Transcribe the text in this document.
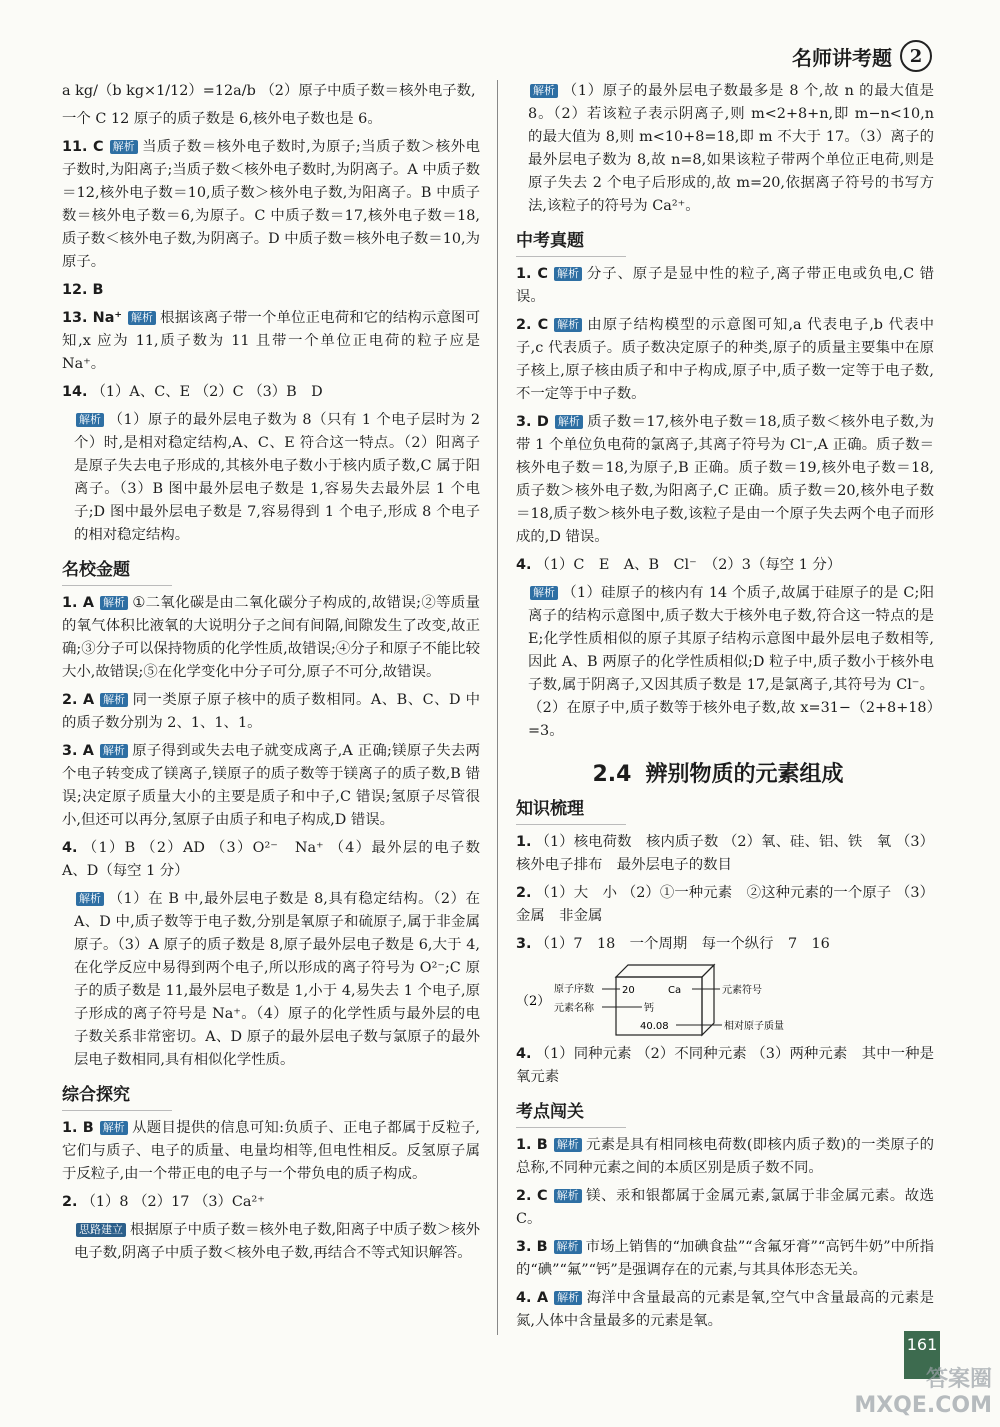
名师讲考题 2
a kg/（b kg×1/12）=12a/b （2）原子中质子数＝核外电子数,
一个 C 12 原子的质子数是 6,核外电子数也是 6。
11. C 解析 当质子数＝核外电子数时,为原子;当质子数＞核外电子数时,为阳离子;当质子数＜核外电子数时,为阴离子。A 中质子数＝12,核外电子数＝10,质子数＞核外电子数,为阳离子。B 中质子数＝核外电子数＝6,为原子。C 中质子数＝17,核外电子数＝18,质子数＜核外电子数,为阴离子。D 中质子数＝核外电子数＝10,为原子。
12. B
13. Na⁺ 解析 根据该离子带一个单位正电荷和它的结构示意图可知,x 应为 11,质子数为 11 且带一个单位正电荷的粒子应是 Na⁺。
14. （1）A、C、E （2）C （3）B　D
解析 （1）原子的最外层电子数为 8（只有 1 个电子层时为 2 个）时,是相对稳定结构,A、C、E 符合这一特点。（2）阳离子是原子失去电子形成的,其核外电子数小于核内质子数,C 属于阳离子。（3）B 图中最外层电子数是 1,容易失去最外层 1 个电子;D 图中最外层电子数是 7,容易得到 1 个电子,形成 8 个电子的相对稳定结构。
名校金题
1. A 解析 ①二氧化碳是由二氧化碳分子构成的,故错误;②等质量的氧气体积比液氧的大说明分子之间有间隔,间隙发生了改变,故正确;③分子可以保持物质的化学性质,故错误;④分子和原子不能比较大小,故错误;⑤在化学变化中分子可分,原子不可分,故错误。
2. A 解析 同一类原子原子核中的质子数相同。A、B、C、D 中的质子数分别为 2、1、1、1。
3. A 解析 原子得到或失去电子就变成离子,A 正确;镁原子失去两个电子转变成了镁离子,镁原子的质子数等于镁离子的质子数,B 错误;决定原子质量大小的主要是质子和中子,C 错误;氢原子尽管很小,但还可以再分,氢原子由质子和电子构成,D 错误。
4. （1）B （2）AD （3）O²⁻　Na⁺ （4）最外层的电子数　A、D（每空 1 分）
解析 （1）在 B 中,最外层电子数是 8,具有稳定结构。（2）在 A、D 中,质子数等于电子数,分别是氧原子和硫原子,属于非金属原子。（3）A 原子的质子数是 8,原子最外层电子数是 6,大于 4,在化学反应中易得到两个电子,所以形成的离子符号为 O²⁻;C 原子的质子数是 11,最外层电子数是 1,小于 4,易失去 1 个电子,原子形成的离子符号是 Na⁺。（4）原子的化学性质与最外层的电子数关系非常密切。A、D 原子的最外层电子数与氯原子的最外层电子数相同,具有相似化学性质。
综合探究
1. B 解析 从题目提供的信息可知:负质子、正电子都属于反粒子,它们与质子、电子的质量、电量均相等,但电性相反。反氢原子属于反粒子,由一个带正电的电子与一个带负电的质子构成。
2. （1）8 （2）17 （3）Ca²⁺
思路建立 根据原子中质子数＝核外电子数,阳离子中质子数＞核外电子数,阴离子中质子数＜核外电子数,再结合不等式知识解答。
解析 （1）原子的最外层电子数最多是 8 个,故 n 的最大值是 8。（2）若该粒子表示阴离子,则 m<2+8+n,即 m−n<10,n 的最大值为 8,则 m<10+8=18,即 m 不大于 17。（3）离子的最外层电子数为 8,故 n=8,如果该粒子带两个单位正电荷,则是原子失去 2 个电子后形成的,故 m=20,依据离子符号的书写方法,该粒子的符号为 Ca²⁺。
中考真题
1. C 解析 分子、原子是显中性的粒子,离子带正电或负电,C 错误。
2. C 解析 由原子结构模型的示意图可知,a 代表电子,b 代表中子,c 代表质子。质子数决定原子的种类,原子的质量主要集中在原子核上,原子核由质子和中子构成,原子中,质子数一定等于电子数,不一定等于中子数。
3. D 解析 质子数＝17,核外电子数＝18,质子数＜核外电子数,为带 1 个单位负电荷的氯离子,其离子符号为 Cl⁻,A 正确。质子数＝核外电子数＝18,为原子,B 正确。质子数＝19,核外电子数＝18,质子数＞核外电子数,为阳离子,C 正确。质子数＝20,核外电子数＝18,质子数＞核外电子数,该粒子是由一个原子失去两个电子而形成的,D 错误。
4. （1）C　E　A、B　Cl⁻　（2）3（每空 1 分）
解析 （1）硅原子的核内有 14 个质子,故属于硅原子的是 C;阳离子的结构示意图中,质子数大于核外电子数,符合这一特点的是 E;化学性质相似的原子其原子结构示意图中最外层电子数相等,因此 A、B 两原子的化学性质相似;D 粒子中,质子数小于核外电子数,属于阴离子,又因其质子数是 17,是氯离子,其符号为 Cl⁻。（2）在原子中,质子数等于核外电子数,故 x=31−（2+8+18）=3。
2.4 辨别物质的元素组成
知识梳理
1. （1）核电荷数　核内质子数 （2）氧、硅、铝、铁　氧 （3）核外电子排布　最外层电子的数目
2. （1）大　小 （2）①一种元素　②这种元素的一个原子 （3）金属　非金属
3. （1）7　18　一个周期　每一个纵行　7　16
（2）
原子序数	20	Ca	元素符号
元素名称	钙
40.08	相对原子质量
4. （1）同种元素 （2）不同种元素 （3）两种元素　其中一种是氧元素
考点闯关
1. B 解析 元素是具有相同核电荷数(即核内质子数)的一类原子的总称,不同种元素之间的本质区别是质子数不同。
2. C 解析 镁、汞和银都属于金属元素,氯属于非金属元素。故选 C。
3. B 解析 市场上销售的“加碘食盐”“含氟牙膏”“高钙牛奶”中所指的“碘”“氟”“钙”是强调存在的元素,与其具体形态无关。
4. A 解析 海洋中含量最高的元素是氧,空气中含量最高的元素是氮,人体中含量最多的元素是氧。
161
答案圈
MXQE.COM
